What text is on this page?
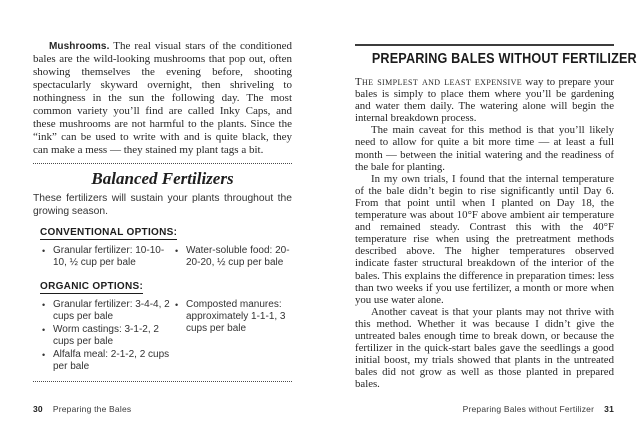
Mushrooms. The real visual stars of the conditioned bales are the wild-looking mushrooms that pop out, often showing themselves the evening before, shooting spectacularly skyward overnight, then shriveling to nothingness in the sun the following day. The most common variety you’ll find are called Inky Caps, and these mushrooms are not harmful to the plants. Since the “ink” can be used to write with and is quite black, they can make a mess — they stained my plant tags a bit.

Balanced Fertilizers

These fertilizers will sustain your plants throughout the growing season.

CONVENTIONAL OPTIONS:
• Granular fertilizer: 10-10-10, ½ cup per bale
• Water-soluble food: 20-20-20, ½ cup per bale
ORGANIC OPTIONS:
• Granular fertilizer: 3-4-4, 2 cups per bale
• Worm castings: 3-1-2, 2 cups per bale
• Alfalfa meal: 2-1-2, 2 cups per bale
• Composted manures: approximately 1-1-1, 3 cups per bale
PREPARING BALES WITHOUT FERTILIZER

The simplest and least expensive way to prepare your bales is simply to place them where you’ll be gardening and water them daily. The watering alone will begin the internal breakdown process.

The main caveat for this method is that you’ll likely need to allow for quite a bit more time — at least a full month — between the initial watering and the readiness of the bale for planting.

In my own trials, I found that the internal temperature of the bale didn’t begin to rise significantly until Day 6. From that point until when I planted on Day 18, the temperature was about 10°F above ambient air temperature and remained steady. Contrast this with the 40°F temperature rise when using the pretreatment methods described above. The higher temperatures observed indicate faster structural breakdown of the interior of the bales. This explains the difference in preparation times: less than two weeks if you use fertilizer, a month or more when you use water alone.

Another caveat is that your plants may not thrive with this method. Whether it was because I didn’t give the untreated bales enough time to break down, or because the fertilizer in the quick-start bales gave the seedlings a good initial boost, my trials showed that plants in the untreated bales did not grow as well as those planted in prepared bales.

30 Preparing the Bales	Preparing Bales without Fertilizer 31
